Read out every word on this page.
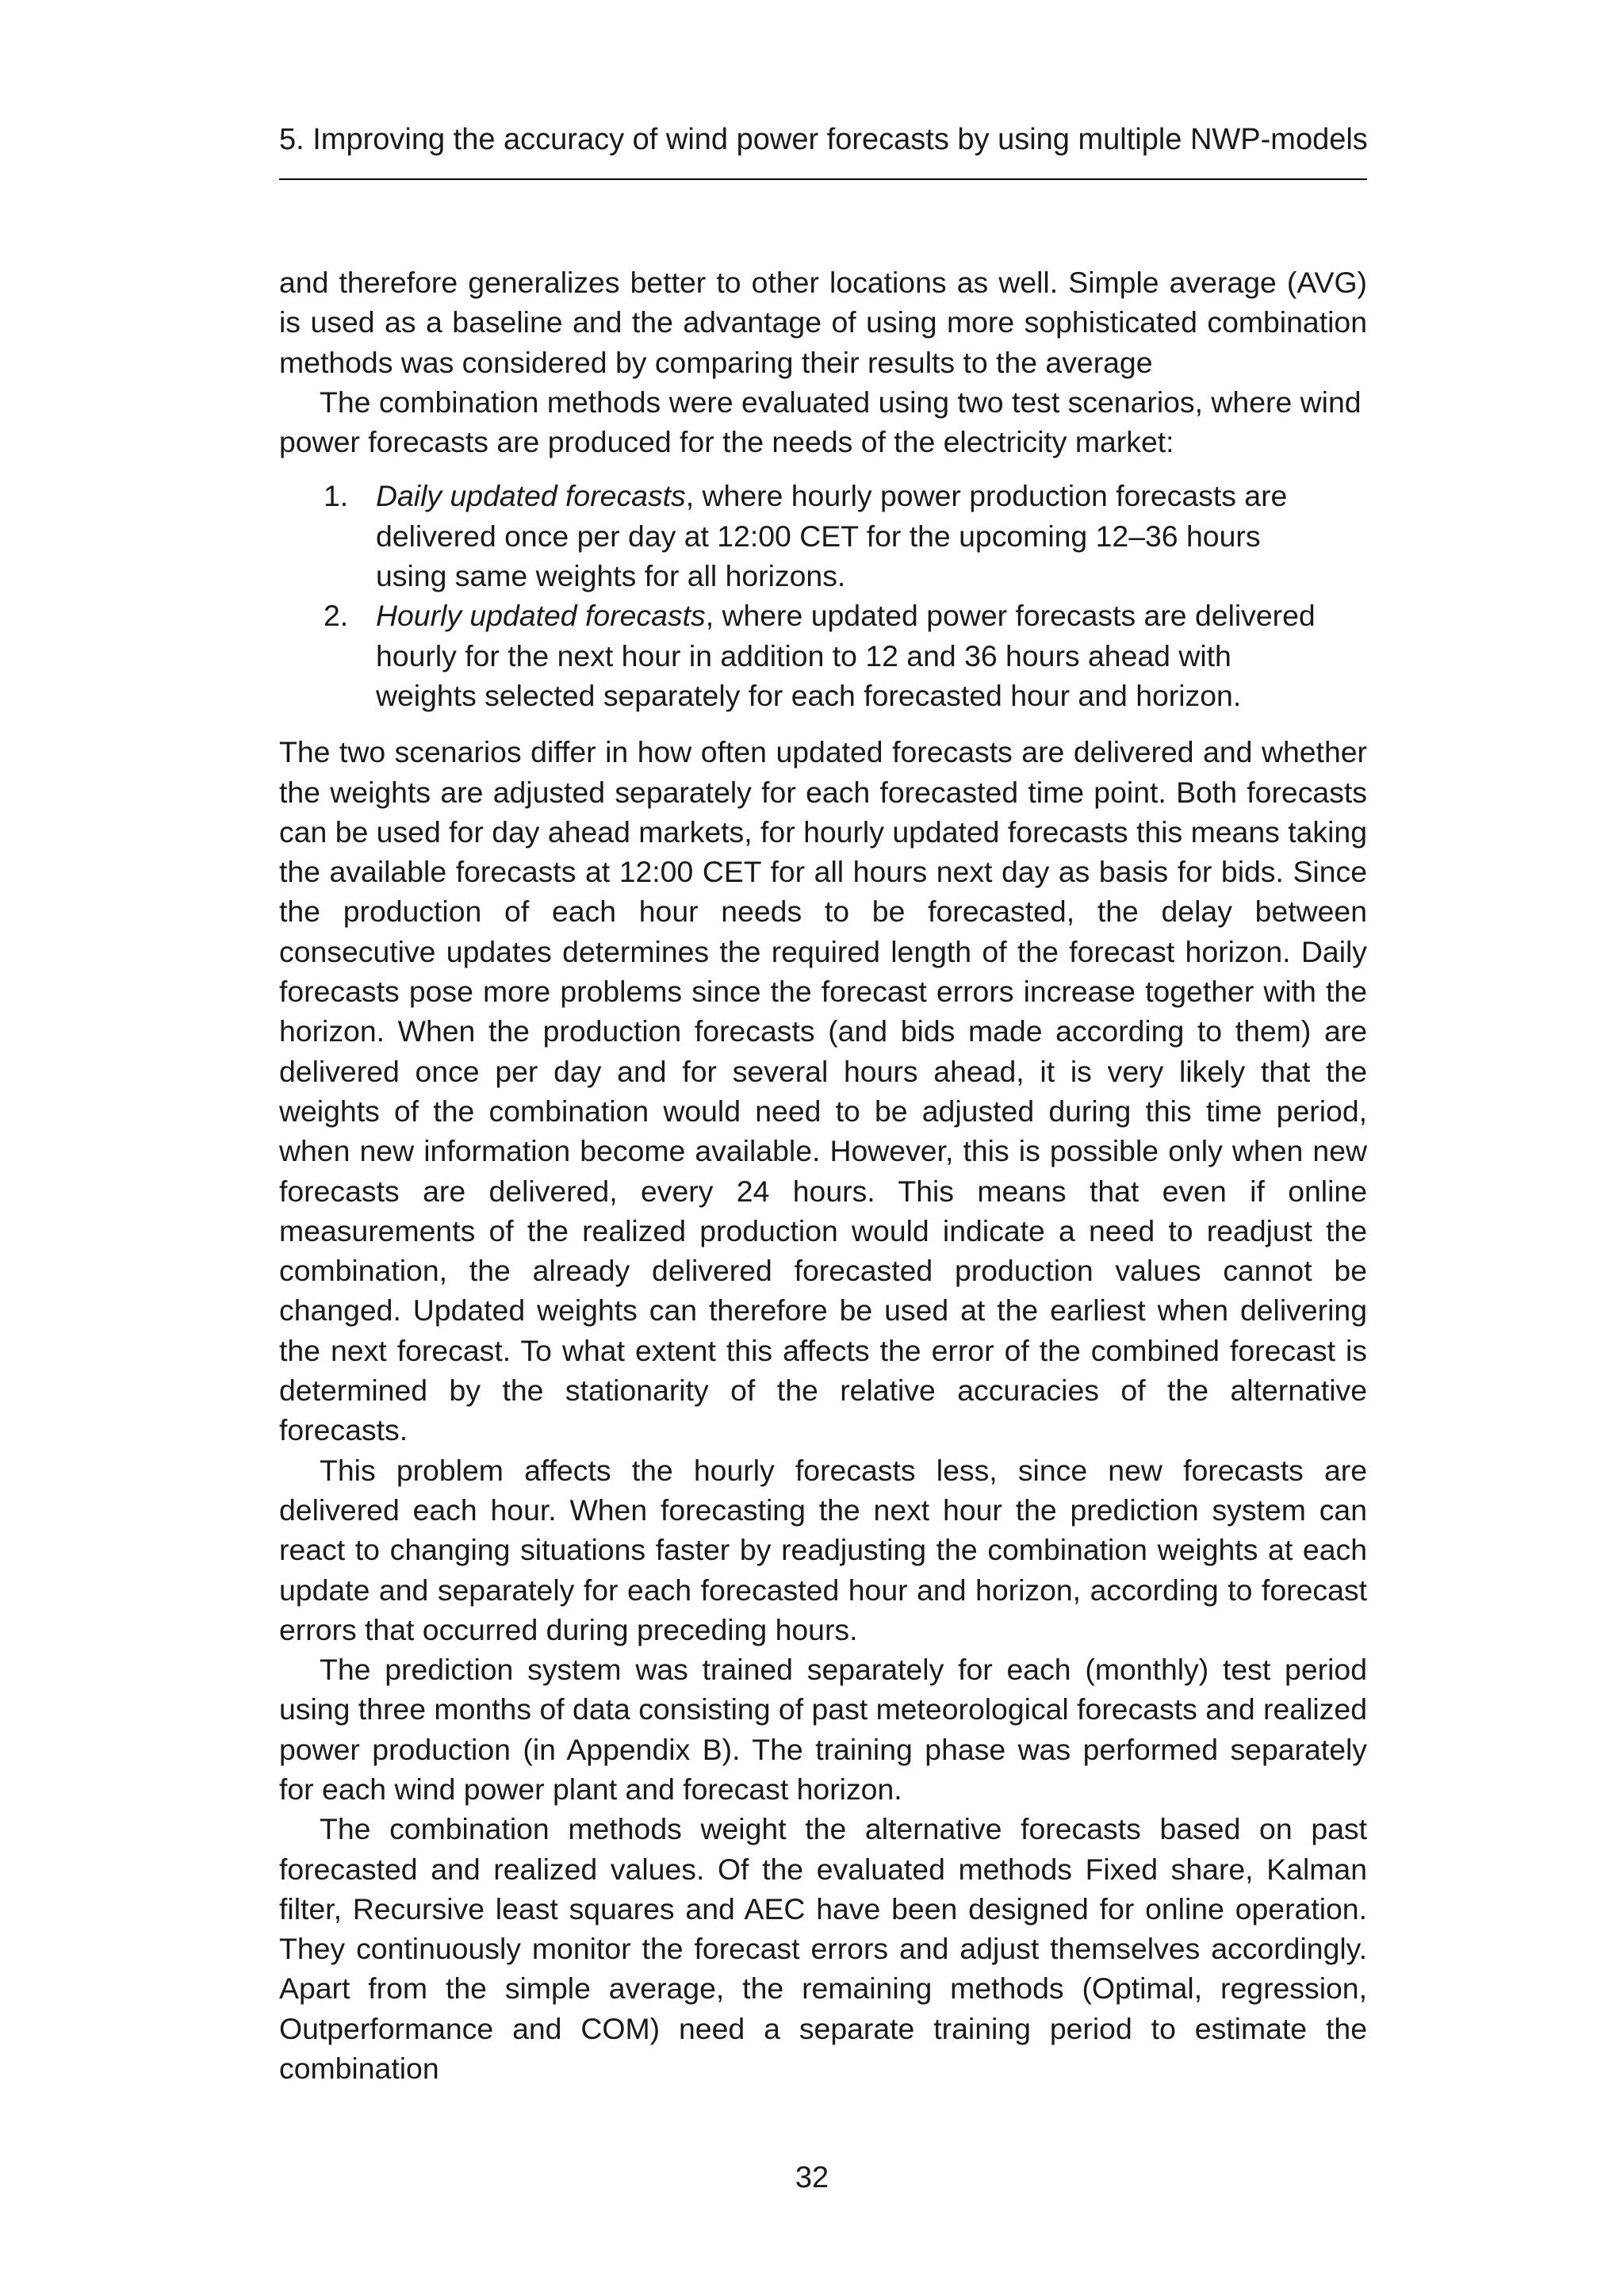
5. Improving the accuracy of wind power forecasts by using multiple NWP-models

and therefore generalizes better to other locations as well. Simple average (AVG) is used as a baseline and the advantage of using more sophisticated combination methods was considered by comparing their results to the average

The combination methods were evaluated using two test scenarios, where wind power forecasts are produced for the needs of the electricity market:

1. Daily updated forecasts, where hourly power production forecasts are delivered once per day at 12:00 CET for the upcoming 12–36 hours using same weights for all horizons.
2. Hourly updated forecasts, where updated power forecasts are delivered hourly for the next hour in addition to 12 and 36 hours ahead with weights selected separately for each forecasted hour and horizon.

The two scenarios differ in how often updated forecasts are delivered and whether the weights are adjusted separately for each forecasted time point. Both forecasts can be used for day ahead markets, for hourly updated forecasts this means taking the available forecasts at 12:00 CET for all hours next day as basis for bids. Since the production of each hour needs to be forecasted, the delay between consecutive updates determines the required length of the forecast horizon. Daily forecasts pose more problems since the forecast errors increase together with the horizon. When the production forecasts (and bids made according to them) are delivered once per day and for several hours ahead, it is very likely that the weights of the combination would need to be adjusted during this time period, when new information become available. However, this is possible only when new forecasts are delivered, every 24 hours. This means that even if online measurements of the realized production would indicate a need to readjust the combination, the already delivered forecasted production values cannot be changed. Updated weights can therefore be used at the earliest when delivering the next forecast. To what extent this affects the error of the combined forecast is determined by the stationarity of the relative accuracies of the alternative forecasts.

This problem affects the hourly forecasts less, since new forecasts are delivered each hour. When forecasting the next hour the prediction system can react to changing situations faster by readjusting the combination weights at each update and separately for each forecasted hour and horizon, according to forecast errors that occurred during preceding hours.

The prediction system was trained separately for each (monthly) test period using three months of data consisting of past meteorological forecasts and realized power production (in Appendix B). The training phase was performed separately for each wind power plant and forecast horizon.

The combination methods weight the alternative forecasts based on past forecasted and realized values. Of the evaluated methods Fixed share, Kalman filter, Recursive least squares and AEC have been designed for online operation. They continuously monitor the forecast errors and adjust themselves accordingly. Apart from the simple average, the remaining methods (Optimal, regression, Outperformance and COM) need a separate training period to estimate the combination

32
